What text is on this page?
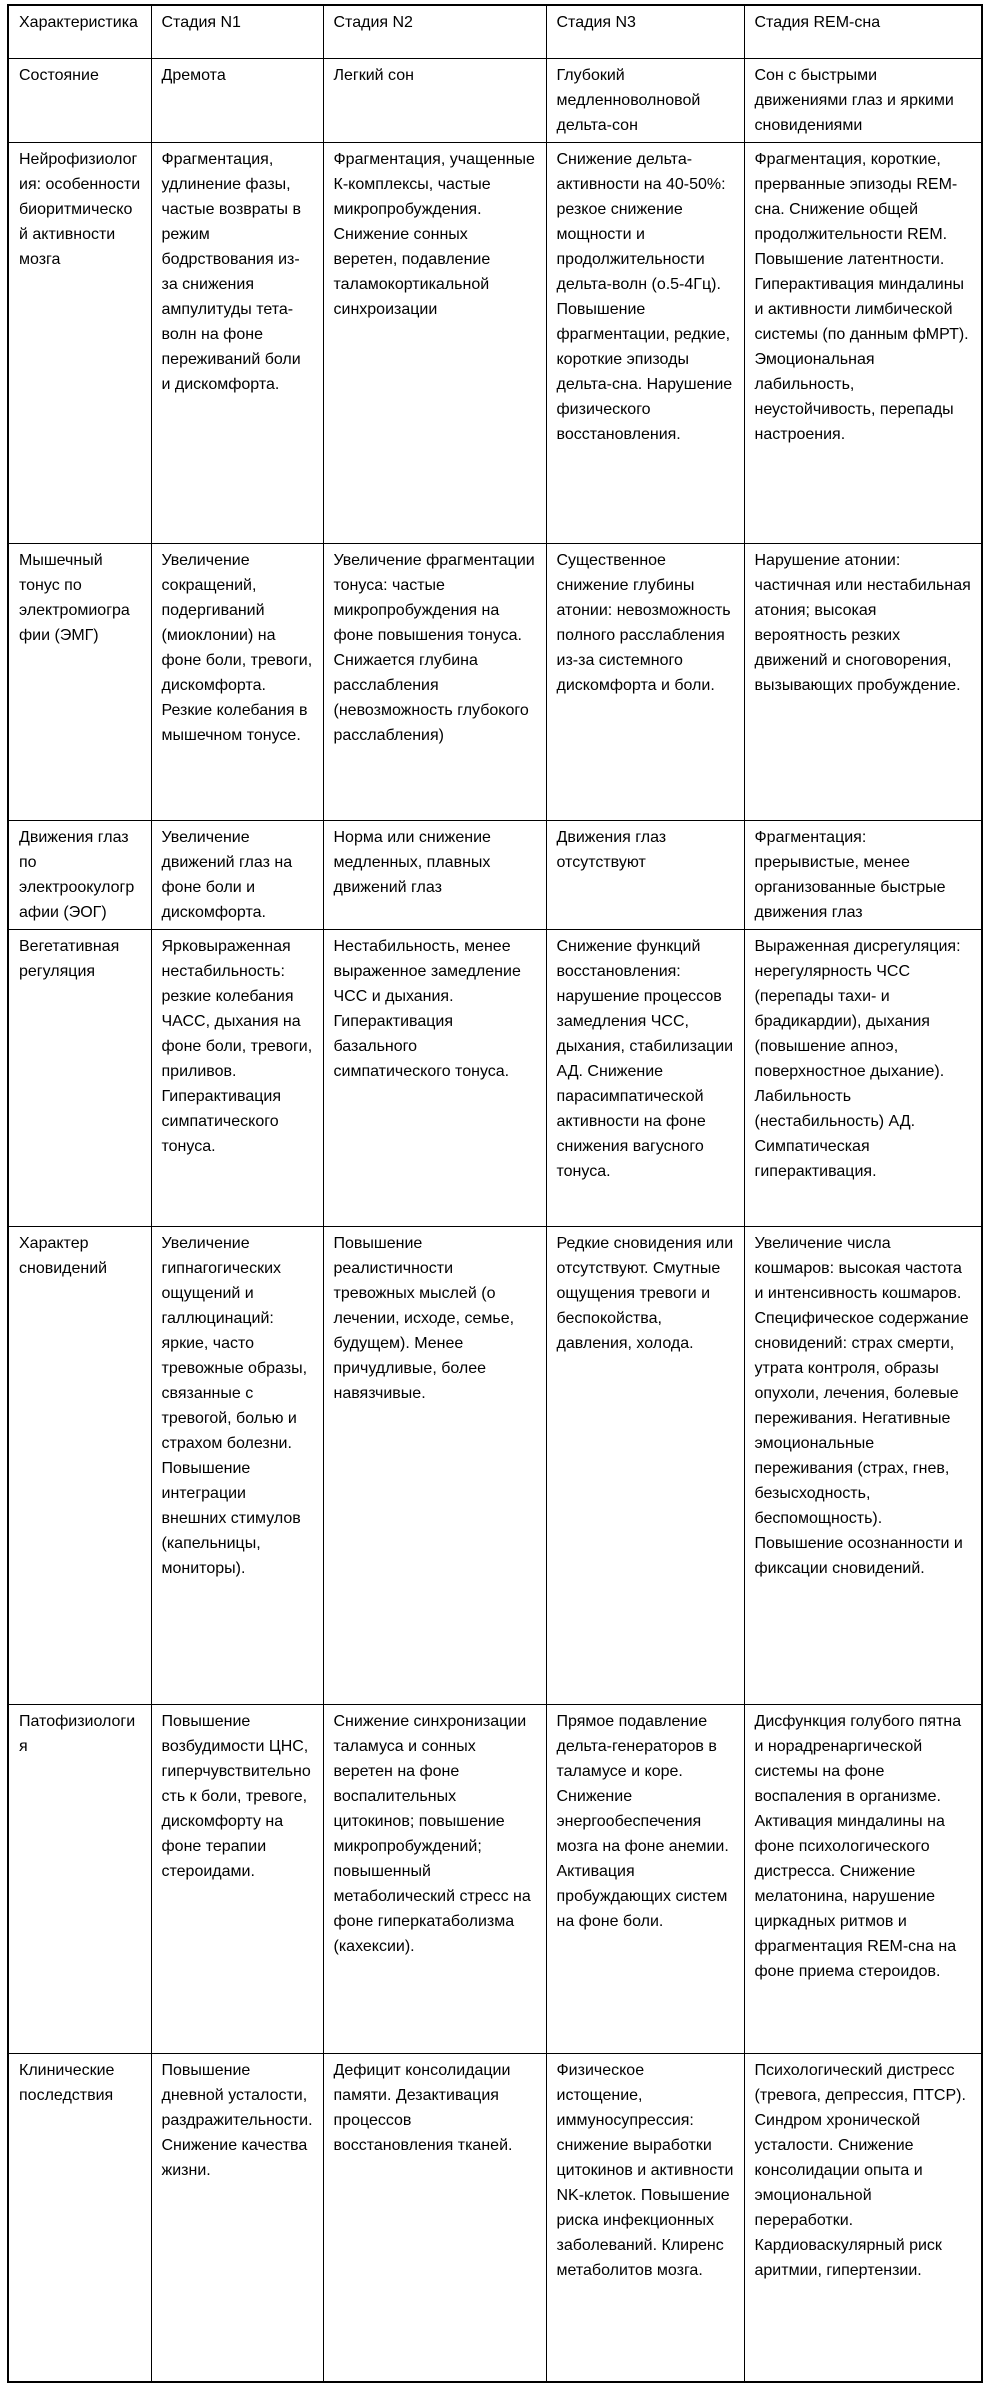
Характеристика	Стадия N1	Стадия N2	Стадия N3	Стадия REM-сна
Состояние	Дремота	Легкий сон	Глубокий медленноволновой дельта-сон	Сон с быстрыми движениями глаз и яркими сновидениями
Нейрофизиология: особенности биоритмической активности мозга	Фрагментация, удлинение фазы, частые возвраты в режим бодрствования из-за снижения ампулитуды тета-волн на фоне переживаний боли и дискомфорта.	Фрагментация, учащенные К-комплексы, частые микропробуждения. Снижение сонных веретен, подавление таламокортикальной синхроизации	Снижение дельта-активности на 40-50%: резкое снижение мощности и продолжительности дельта-волн (о.5-4Гц). Повышение фрагментации, редкие, короткие эпизоды дельта-сна. Нарушение физического восстановления.	Фрагментация, короткие, прерванные эпизоды REM- сна. Снижение общей продолжительности REM. Повышение латентности. Гиперактивация миндалины и активности лимбической системы (по данным фМРТ). Эмоциональная лабильность, неустойчивость, перепады настроения.
Мышечный тонус по электромиографии (ЭМГ)	Увеличение сокращений, подергиваний (миоклонии) на фоне боли, тревоги, дискомфорта. Резкие колебания в мышечном тонусе.	Увеличение фрагментации тонуса: частые микропробуждения на фоне повышения тонуса. Снижается глубина расслабления (невозможность глубокого расслабления)	Существенное снижение глубины атонии: невозможность полного расслабления из-за системного дискомфорта и боли.	Нарушение атонии: частичная или нестабильная атония; высокая вероятность резких движений и сноговорения, вызывающих пробуждение.
Движения глаз по электроокулографии (ЭОГ)	Увеличение движений глаз на фоне боли и дискомфорта.	Норма или снижение медленных, плавных движений глаз	Движения глаз отсутствуют	Фрагментация: прерывистые, менее организованные быстрые движения глаз
Вегетативная регуляция	Ярковыраженная нестабильность: резкие колебания ЧАСС, дыхания на фоне боли, тревоги, приливов. Гиперактивация симпатического тонуса.	Нестабильность, менее выраженное замедление ЧСС и дыхания. Гиперактивация базального симпатического тонуса.	Снижение функций восстановления: нарушение процессов замедления ЧСС, дыхания, стабилизации АД. Снижение парасимпатической активности на фоне снижения вагусного тонуса.	Выраженная дисрегуляция: нерегулярность ЧСС (перепады тахи- и брадикардии), дыхания (повышение апноэ, поверхностное дыхание). Лабильность (нестабильность) АД. Симпатическая гиперактивация.
Характер сновидений	Увеличение гипнагогических ощущений и галлюцинаций: яркие, часто тревожные образы, связанные с тревогой, болью и страхом болезни. Повышение интеграции внешних стимулов (капельницы, мониторы).	Повышение реалистичности тревожных мыслей (о лечении, исходе, семье, будущем). Менее причудливые, более навязчивые.	Редкие сновидения или отсутствуют. Смутные ощущения тревоги и беспокойства, давления, холода.	Увеличение числа кошмаров: высокая частота и интенсивность кошмаров. Специфическое содержание сновидений: страх смерти, утрата контроля, образы опухоли, лечения, болевые переживания. Негативные эмоциональные переживания (страх, гнев, безысходность, беспомощность). Повышение осознанности и фиксации сновидений.
Патофизиология	Повышение возбудимости ЦНС, гиперчувствительность к боли, тревоге, дискомфорту на фоне терапии стероидами.	Снижение синхронизации таламуса и сонных веретен на фоне воспалительных цитокинов; повышение микропробуждений; повышенный метаболический стресс на фоне гиперкатаболизма (кахексии).	Прямое подавление дельта-генераторов в таламусе и коре. Снижение энергообеспечения мозга на фоне анемии. Активация пробуждающих систем на фоне боли.	Дисфункция голубого пятна и норадренаргической системы на фоне воспаления в организме. Активация миндалины на фоне психологического дистресса. Снижение мелатонина, нарушение циркадных ритмов и фрагментация REM-сна на фоне приема стероидов.
Клинические последствия	Повышение дневной усталости, раздражительности. Снижение качества жизни.	Дефицит консолидации памяти. Дезактивация процессов восстановления тканей.	Физическое истощение, иммуносупрессия: снижение выработки цитокинов и активности NK-клеток. Повышение риска инфекционных заболеваний. Клиренс метаболитов мозга.	Психологический дистресс (тревога, депрессия, ПТСР). Синдром хронической усталости. Снижение консолидации опыта и эмоциональной переработки. Кардиоваскулярный риск аритмии, гипертензии.
